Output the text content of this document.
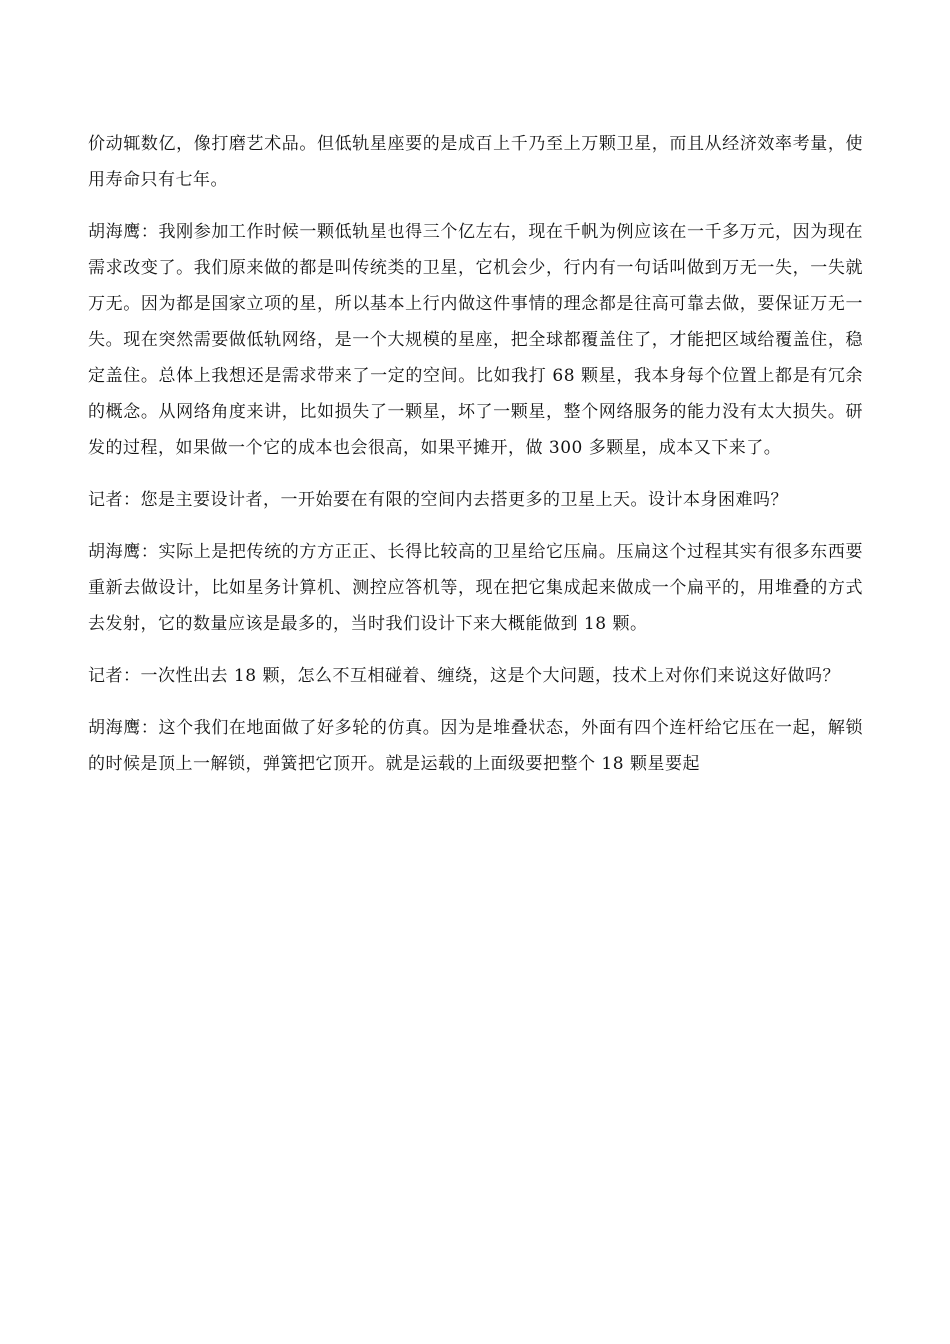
价动辄数亿，像打磨艺术品。但低轨星座要的是成百上千乃至上万颗卫星，而且从经济效率考量，使用寿命只有七年。

胡海鹰：我刚参加工作时候一颗低轨星也得三个亿左右，现在千帆为例应该在一千多万元，因为现在需求改变了。我们原来做的都是叫传统类的卫星，它机会少，行内有一句话叫做到万无一失，一失就万无。因为都是国家立项的星，所以基本上行内做这件事情的理念都是往高可靠去做，要保证万无一失。现在突然需要做低轨网络，是一个大规模的星座，把全球都覆盖住了，才能把区域给覆盖住，稳定盖住。总体上我想还是需求带来了一定的空间。比如我打 68 颗星，我本身每个位置上都是有冗余的概念。从网络角度来讲，比如损失了一颗星，坏了一颗星，整个网络服务的能力没有太大损失。研发的过程，如果做一个它的成本也会很高，如果平摊开，做 300 多颗星，成本又下来了。

记者：您是主要设计者，一开始要在有限的空间内去搭更多的卫星上天。设计本身困难吗？

胡海鹰：实际上是把传统的方方正正、长得比较高的卫星给它压扁。压扁这个过程其实有很多东西要重新去做设计，比如星务计算机、测控应答机等，现在把它集成起来做成一个扁平的，用堆叠的方式去发射，它的数量应该是最多的，当时我们设计下来大概能做到 18 颗。

记者：一次性出去 18 颗，怎么不互相碰着、缠绕，这是个大问题，技术上对你们来说这好做吗？

胡海鹰：这个我们在地面做了好多轮的仿真。因为是堆叠状态，外面有四个连杆给它压在一起，解锁的时候是顶上一解锁，弹簧把它顶开。就是运载的上面级要把整个 18 颗星要起
